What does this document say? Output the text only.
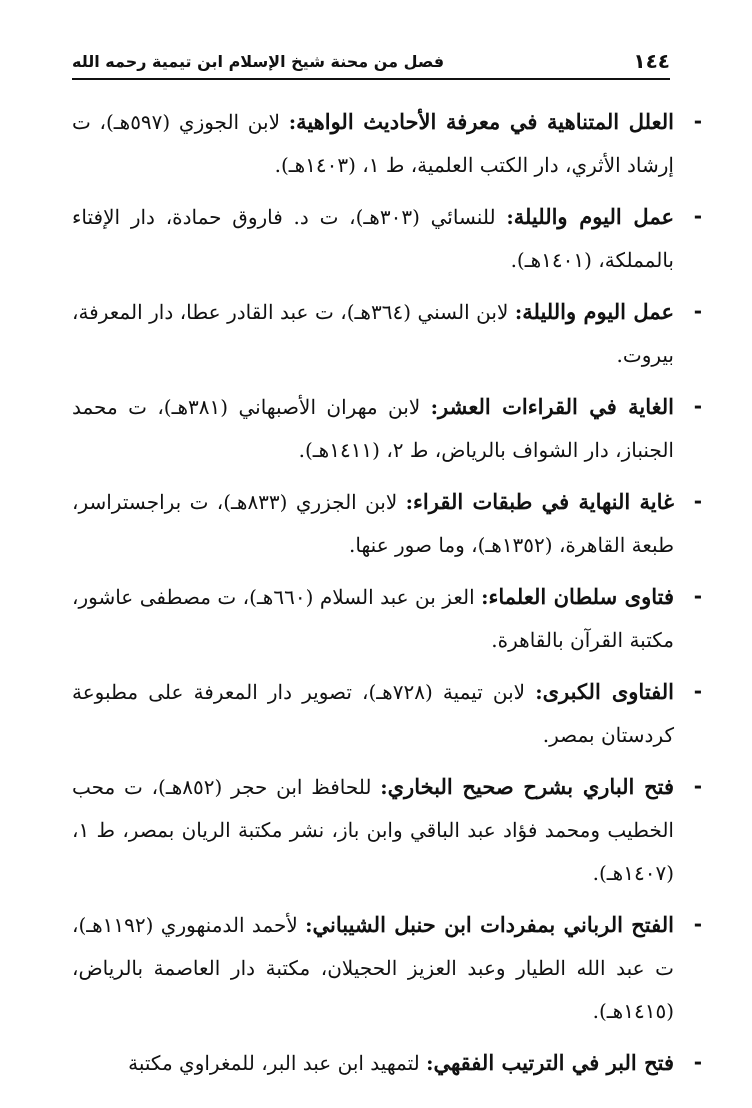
١٤٤
فصل من محنة شيخ الإسلام ابن تيمية رحمه الله

-
العلل المتناهية في معرفة الأحاديث الواهية: لابن الجوزي (٥٩٧هـ)، ت إرشاد الأثري، دار الكتب العلمية، ط ١، (١٤٠٣هـ).

-
عمل اليوم والليلة: للنسائي (٣٠٣هـ)، ت د. فاروق حمادة، دار الإفتاء بالمملكة، (١٤٠١هـ).

-
عمل اليوم والليلة: لابن السني (٣٦٤هـ)، ت عبد القادر عطا، دار المعرفة، بيروت.

-
الغاية في القراءات العشر: لابن مهران الأصبهاني (٣٨١هـ)، ت محمد الجنباز، دار الشواف بالرياض، ط ٢، (١٤١١هـ).

-
غاية النهاية في طبقات القراء: لابن الجزري (٨٣٣هـ)، ت براجستراسر، طبعة القاهرة، (١٣٥٢هـ)، وما صور عنها.

-
فتاوى سلطان العلماء: العز بن عبد السلام (٦٦٠هـ)، ت مصطفى عاشور، مكتبة القرآن بالقاهرة.

-
الفتاوى الكبرى: لابن تيمية (٧٢٨هـ)، تصوير دار المعرفة على مطبوعة كردستان بمصر.

-
فتح الباري بشرح صحيح البخاري: للحافظ ابن حجر (٨٥٢هـ)، ت محب الخطيب ومحمد فؤاد عبد الباقي وابن باز، نشر مكتبة الريان بمصر، ط ١، (١٤٠٧هـ).

-
الفتح الرباني بمفردات ابن حنبل الشيباني: لأحمد الدمنهوري (١١٩٢هـ)، ت عبد الله الطيار وعبد العزيز الحجيلان، مكتبة دار العاصمة بالرياض، (١٤١٥هـ).

-
فتح البر في الترتيب الفقهي: لتمهيد ابن عبد البر، للمغراوي مكتبة
